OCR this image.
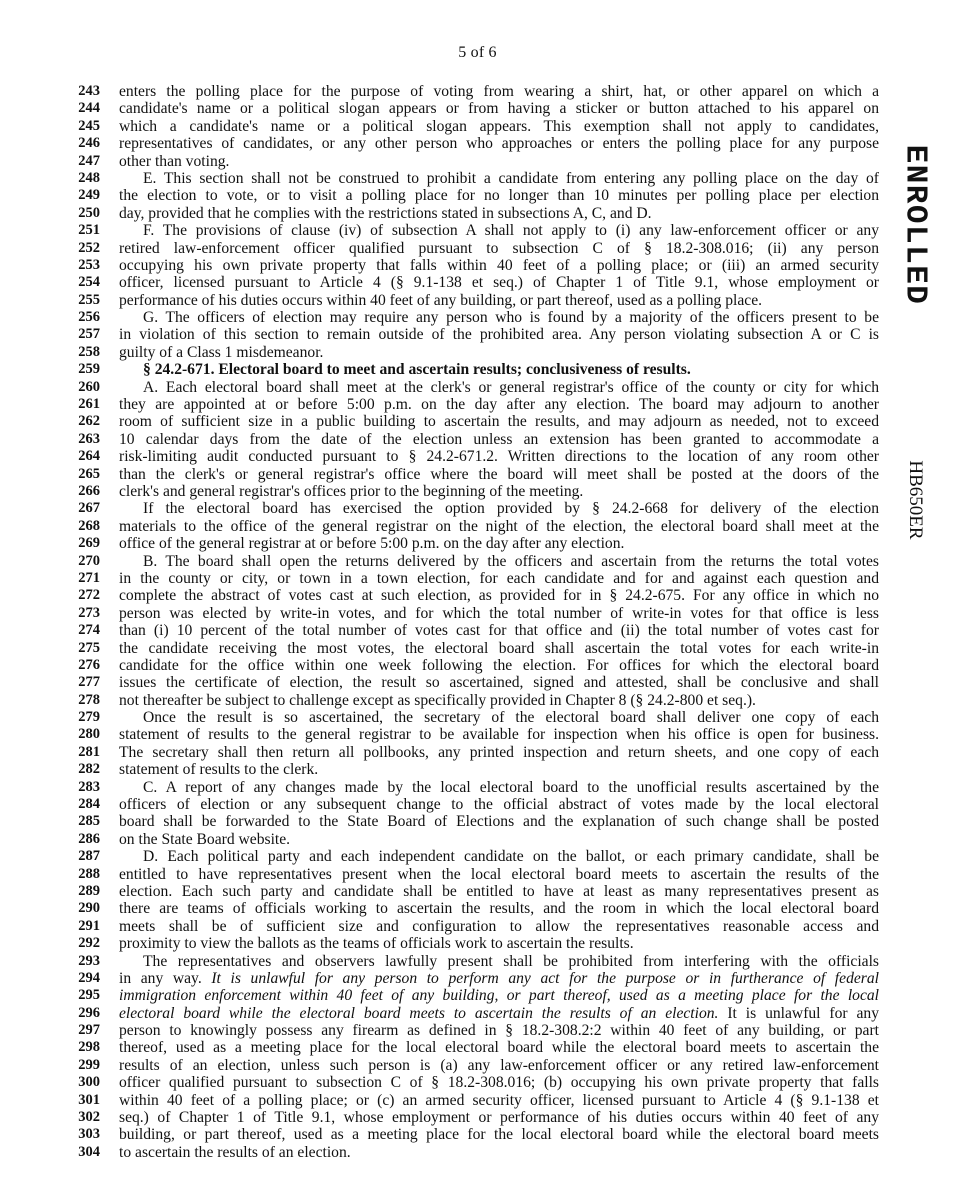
5 of 6
243
244
245
246
247
248
249
250
251
252
253
254
255
256
257
258
259
260
261
262
263
264
265
266
267
268
269
270
271
272
273
274
275
276
277
278
279
280
281
282
283
284
285
286
287
288
289
290
291
292
293
294
295
296
297
298
299
300
301
302
303
304
enters the polling place for the purpose of voting from wearing a shirt, hat, or other apparel on which a
candidate's name or a political slogan appears or from having a sticker or button attached to his apparel on
which a candidate's name or a political slogan appears. This exemption shall not apply to candidates,
representatives of candidates, or any other person who approaches or enters the polling place for any purpose
other than voting.
E. This section shall not be construed to prohibit a candidate from entering any polling place on the day of
the election to vote, or to visit a polling place for no longer than 10 minutes per polling place per election
day, provided that he complies with the restrictions stated in subsections A, C, and D.
F. The provisions of clause (iv) of subsection A shall not apply to (i) any law-enforcement officer or any
retired law-enforcement officer qualified pursuant to subsection C of § 18.2-308.016; (ii) any person
occupying his own private property that falls within 40 feet of a polling place; or (iii) an armed security
officer, licensed pursuant to Article 4 (§ 9.1-138 et seq.) of Chapter 1 of Title 9.1, whose employment or
performance of his duties occurs within 40 feet of any building, or part thereof, used as a polling place.
G. The officers of election may require any person who is found by a majority of the officers present to be
in violation of this section to remain outside of the prohibited area. Any person violating subsection A or C is
guilty of a Class 1 misdemeanor.
§ 24.2-671. Electoral board to meet and ascertain results; conclusiveness of results.
A. Each electoral board shall meet at the clerk's or general registrar's office of the county or city for which
they are appointed at or before 5:00 p.m. on the day after any election. The board may adjourn to another
room of sufficient size in a public building to ascertain the results, and may adjourn as needed, not to exceed
10 calendar days from the date of the election unless an extension has been granted to accommodate a
risk-limiting audit conducted pursuant to § 24.2-671.2. Written directions to the location of any room other
than the clerk's or general registrar's office where the board will meet shall be posted at the doors of the
clerk's and general registrar's offices prior to the beginning of the meeting.
If the electoral board has exercised the option provided by § 24.2-668 for delivery of the election
materials to the office of the general registrar on the night of the election, the electoral board shall meet at the
office of the general registrar at or before 5:00 p.m. on the day after any election.
B. The board shall open the returns delivered by the officers and ascertain from the returns the total votes
in the county or city, or town in a town election, for each candidate and for and against each question and
complete the abstract of votes cast at such election, as provided for in § 24.2-675. For any office in which no
person was elected by write-in votes, and for which the total number of write-in votes for that office is less
than (i) 10 percent of the total number of votes cast for that office and (ii) the total number of votes cast for
the candidate receiving the most votes, the electoral board shall ascertain the total votes for each write-in
candidate for the office within one week following the election. For offices for which the electoral board
issues the certificate of election, the result so ascertained, signed and attested, shall be conclusive and shall
not thereafter be subject to challenge except as specifically provided in Chapter 8 (§ 24.2-800 et seq.).
Once the result is so ascertained, the secretary of the electoral board shall deliver one copy of each
statement of results to the general registrar to be available for inspection when his office is open for business.
The secretary shall then return all pollbooks, any printed inspection and return sheets, and one copy of each
statement of results to the clerk.
C. A report of any changes made by the local electoral board to the unofficial results ascertained by the
officers of election or any subsequent change to the official abstract of votes made by the local electoral
board shall be forwarded to the State Board of Elections and the explanation of such change shall be posted
on the State Board website.
D. Each political party and each independent candidate on the ballot, or each primary candidate, shall be
entitled to have representatives present when the local electoral board meets to ascertain the results of the
election. Each such party and candidate shall be entitled to have at least as many representatives present as
there are teams of officials working to ascertain the results, and the room in which the local electoral board
meets shall be of sufficient size and configuration to allow the representatives reasonable access and
proximity to view the ballots as the teams of officials work to ascertain the results.
The representatives and observers lawfully present shall be prohibited from interfering with the officials
in any way. It is unlawful for any person to perform any act for the purpose or in furtherance of federal
immigration enforcement within 40 feet of any building, or part thereof, used as a meeting place for the local
electoral board while the electoral board meets to ascertain the results of an election. It is unlawful for any
person to knowingly possess any firearm as defined in § 18.2-308.2:2 within 40 feet of any building, or part
thereof, used as a meeting place for the local electoral board while the electoral board meets to ascertain the
results of an election, unless such person is (a) any law-enforcement officer or any retired law-enforcement
officer qualified pursuant to subsection C of § 18.2-308.016; (b) occupying his own private property that falls
within 40 feet of a polling place; or (c) an armed security officer, licensed pursuant to Article 4 (§ 9.1-138 et
seq.) of Chapter 1 of Title 9.1, whose employment or performance of his duties occurs within 40 feet of any
building, or part thereof, used as a meeting place for the local electoral board while the electoral board meets
to ascertain the results of an election.
ENROLLED
HB650ER
